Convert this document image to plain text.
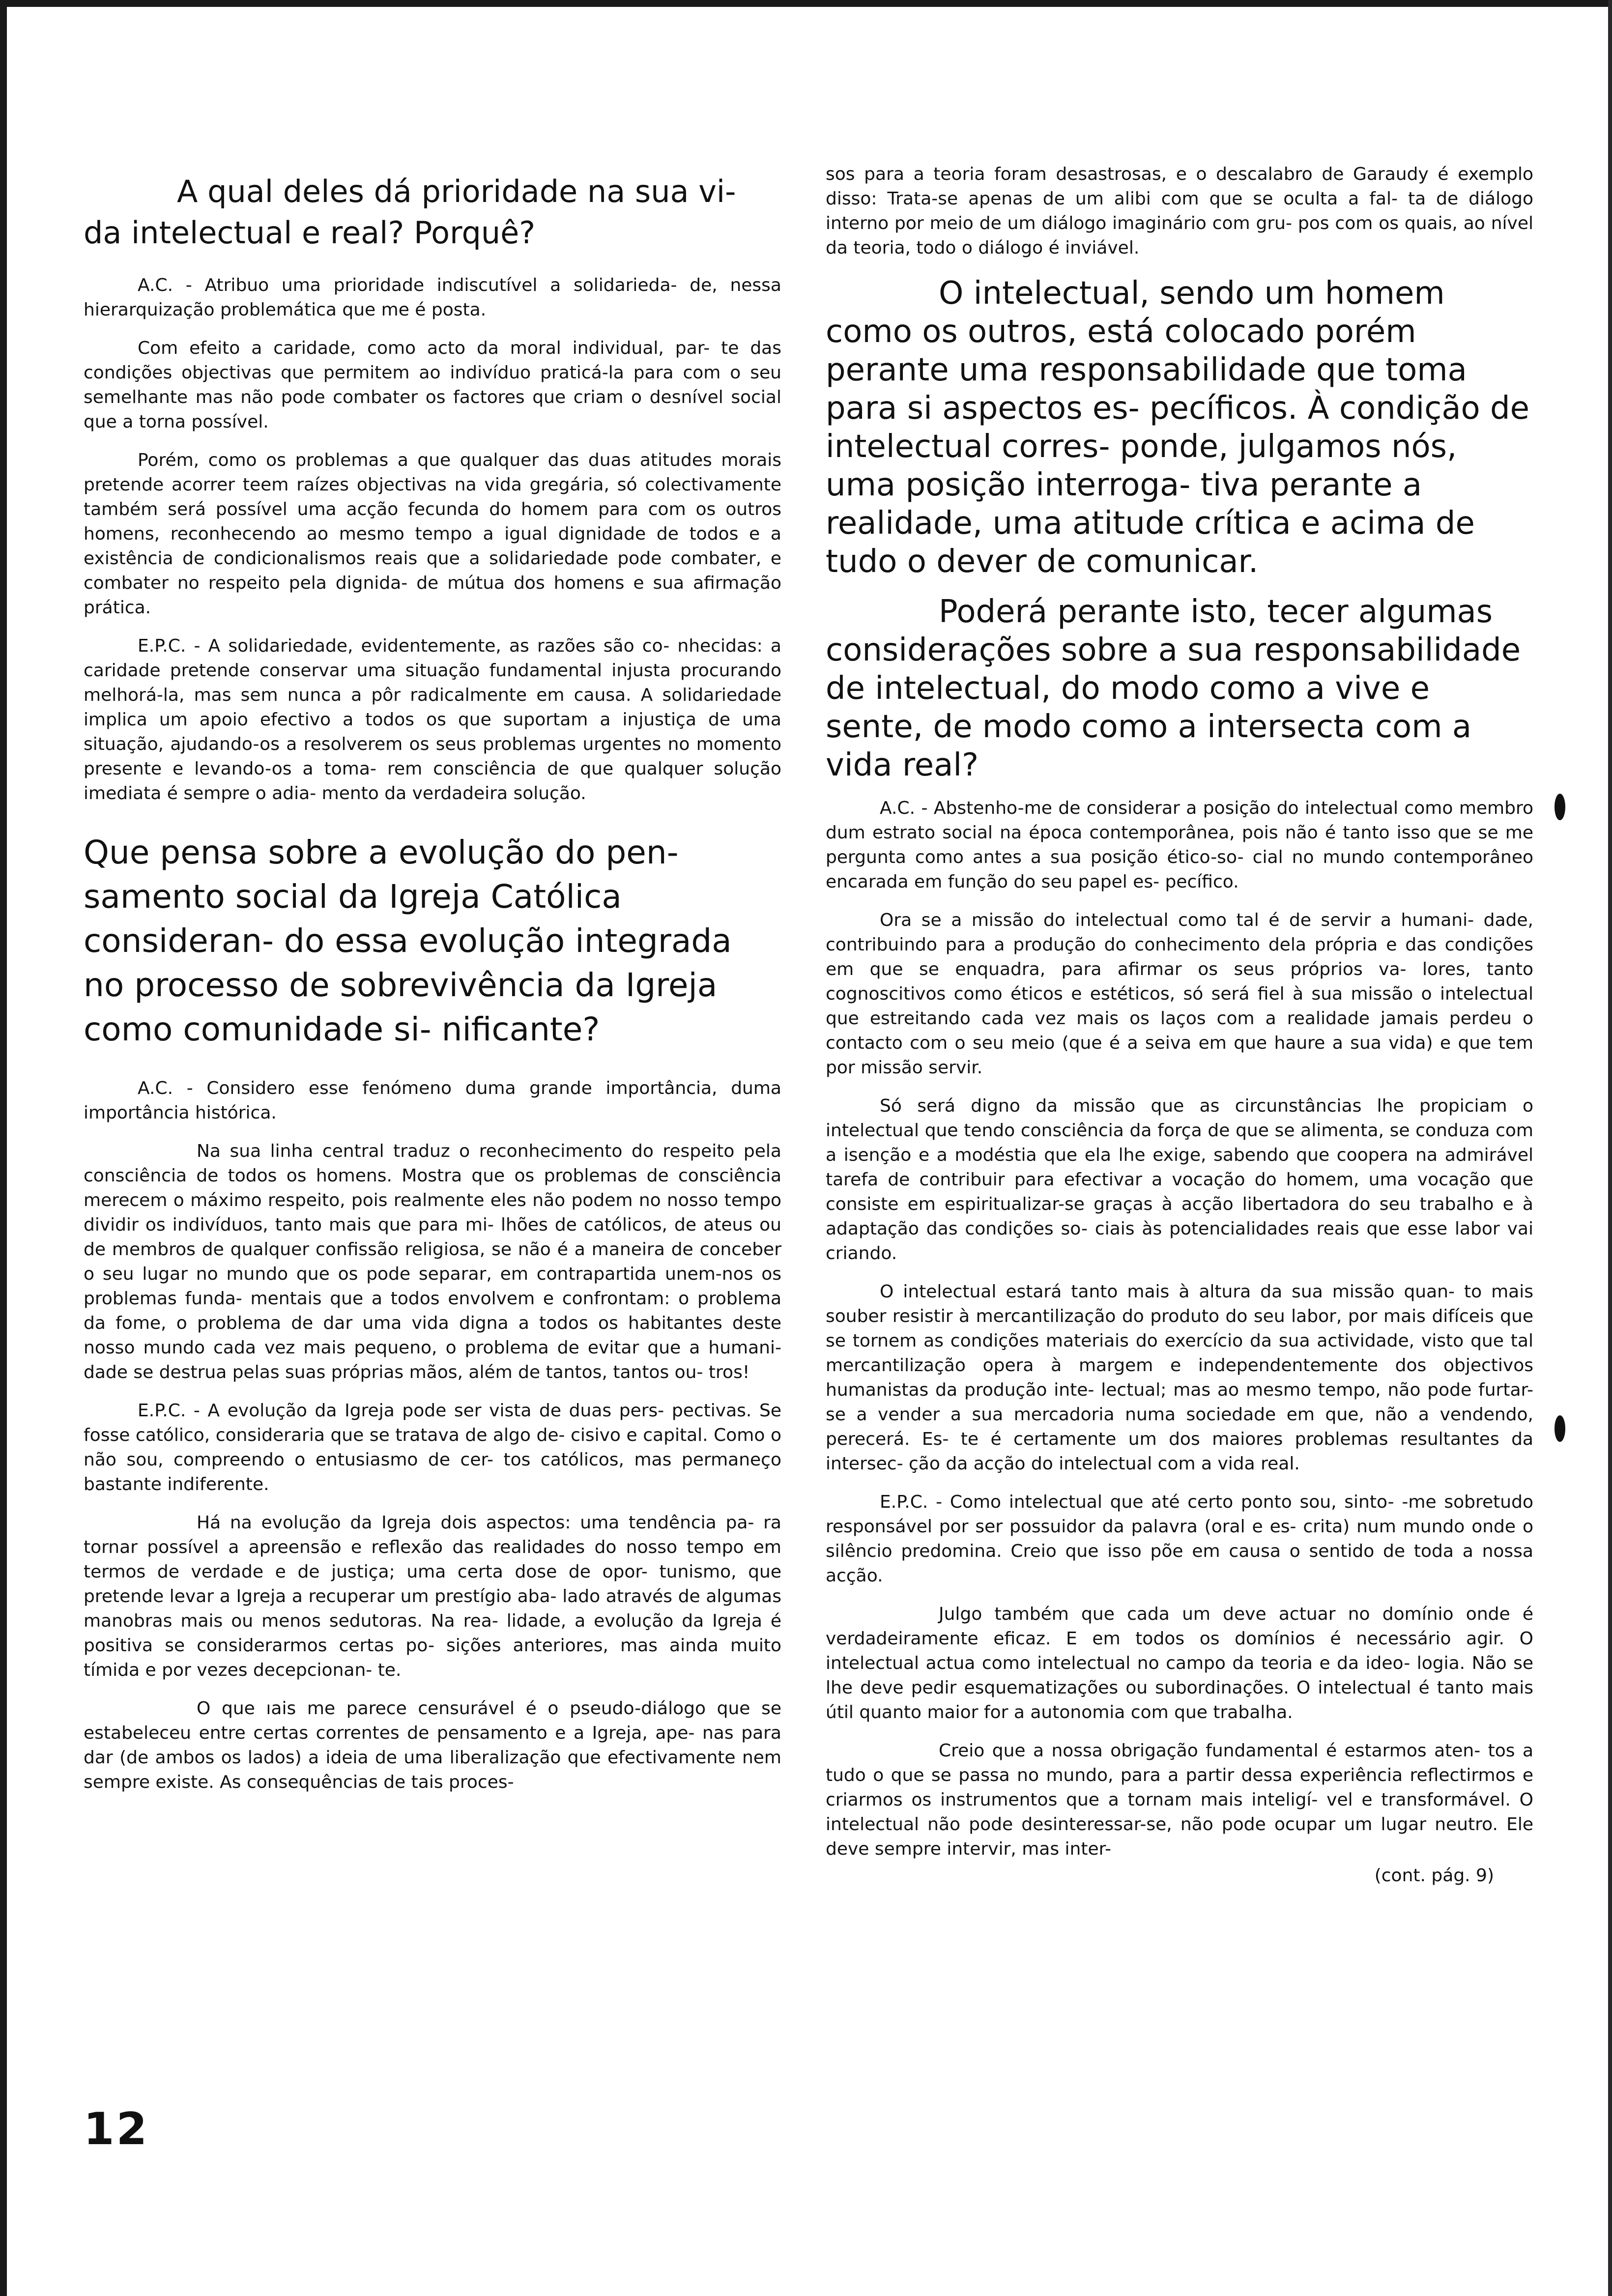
A qual deles dá prioridade na sua vi-
da intelectual e real? Porquê?

A.C. - Atribuo uma prioridade indiscutível a solidarieda- de, nessa hierarquização problemática que me é posta.

Com efeito a caridade, como acto da moral individual, par- te das condições objectivas que permitem ao indivíduo praticá-la para com o seu semelhante mas não pode combater os factores que criam o desnível social que a torna possível.

Porém, como os problemas a que qualquer das duas atitudes morais pretende acorrer teem raízes objectivas na vida gregária, só colectivamente também será possível uma acção fecunda do homem para com os outros homens, reconhecendo ao mesmo tempo a igual dignidade de todos e a existência de condicionalismos reais que a solidariedade pode combater, e combater no respeito pela dignida- de mútua dos homens e sua afirmação prática.

E.P.C. - A solidariedade, evidentemente, as razões são co- nhecidas: a caridade pretende conservar uma situação fundamental injusta procurando melhorá-la, mas sem nunca a pôr radicalmente em causa. A solidariedade implica um apoio efectivo a todos os que suportam a injustiça de uma situação, ajudando-os a resolverem os seus problemas urgentes no momento presente e levando-os a toma- rem consciência de que qualquer solução imediata é sempre o adia- mento da verdadeira solução.

Que pensa sobre a evolução do pen- samento social da Igreja Católica consideran- do essa evolução integrada no processo de sobrevivência da Igreja como comunidade si- nificante?

A.C. - Considero esse fenómeno duma grande importância, duma importância histórica.

Na sua linha central traduz o reconhecimento do respeito pela consciência de todos os homens. Mostra que os problemas de consciência merecem o máximo respeito, pois realmente eles não podem no nosso tempo dividir os indivíduos, tanto mais que para mi- lhões de católicos, de ateus ou de membros de qualquer confissão religiosa, se não é a maneira de conceber o seu lugar no mundo que os pode separar, em contrapartida unem-nos os problemas funda- mentais que a todos envolvem e confrontam: o problema da fome, o problema de dar uma vida digna a todos os habitantes deste nosso mundo cada vez mais pequeno, o problema de evitar que a humani- dade se destrua pelas suas próprias mãos, além de tantos, tantos ou- tros!

E.P.C. - A evolução da Igreja pode ser vista de duas pers- pectivas. Se fosse católico, consideraria que se tratava de algo de- cisivo e capital. Como o não sou, compreendo o entusiasmo de cer- tos católicos, mas permaneço bastante indiferente.

Há na evolução da Igreja dois aspectos: uma tendência pa- ra tornar possível a apreensão e reflexão das realidades do nosso tempo em termos de verdade e de justiça; uma certa dose de opor- tunismo, que pretende levar a Igreja a recuperar um prestígio aba- lado através de algumas manobras mais ou menos sedutoras. Na rea- lidade, a evolução da Igreja é positiva se considerarmos certas po- sições anteriores, mas ainda muito tímida e por vezes decepcionan- te.

O que ıais me parece censurável é o pseudo-diálogo que se estabeleceu entre certas correntes de pensamento e a Igreja, ape- nas para dar (de ambos os lados) a ideia de uma liberalização que efectivamente nem sempre existe. As consequências de tais proces-

sos para a teoria foram desastrosas, e o descalabro de Garaudy é exemplo disso: Trata-se apenas de um alibi com que se oculta a fal- ta de diálogo interno por meio de um diálogo imaginário com gru- pos com os quais, ao nível da teoria, todo o diálogo é inviável.

O intelectual, sendo um homem como os outros, está colocado porém perante uma responsabilidade que toma para si aspectos es- pecíficos. À condição de intelectual corres- ponde, julgamos nós, uma posição interroga- tiva perante a realidade, uma atitude crítica e acima de tudo o dever de comunicar.
Poderá perante isto, tecer algumas considerações sobre a sua responsabilidade de intelectual, do modo como a vive e sente, de modo como a intersecta com a vida real?

A.C. - Abstenho-me de considerar a posição do intelectual como membro dum estrato social na época contemporânea, pois não é tanto isso que se me pergunta como antes a sua posição ético-so- cial no mundo contemporâneo encarada em função do seu papel es- pecífico.

Ora se a missão do intelectual como tal é de servir a humani- dade, contribuindo para a produção do conhecimento dela própria e das condições em que se enquadra, para afirmar os seus próprios va- lores, tanto cognoscitivos como éticos e estéticos, só será fiel à sua missão o intelectual que estreitando cada vez mais os laços com a realidade jamais perdeu o contacto com o seu meio (que é a seiva em que haure a sua vida) e que tem por missão servir.

Só será digno da missão que as circunstâncias lhe propiciam o intelectual que tendo consciência da força de que se alimenta, se conduza com a isenção e a modéstia que ela lhe exige, sabendo que coopera na admirável tarefa de contribuir para efectivar a vocação do homem, uma vocação que consiste em espiritualizar-se graças à acção libertadora do seu trabalho e à adaptação das condições so- ciais às potencialidades reais que esse labor vai criando.

O intelectual estará tanto mais à altura da sua missão quan- to mais souber resistir à mercantilização do produto do seu labor, por mais difíceis que se tornem as condições materiais do exercício da sua actividade, visto que tal mercantilização opera à margem e independentemente dos objectivos humanistas da produção inte- lectual; mas ao mesmo tempo, não pode furtar-se a vender a sua mercadoria numa sociedade em que, não a vendendo, perecerá. Es- te é certamente um dos maiores problemas resultantes da intersec- ção da acção do intelectual com a vida real.

E.P.C. - Como intelectual que até certo ponto sou, sinto- -me sobretudo responsável por ser possuidor da palavra (oral e es- crita) num mundo onde o silêncio predomina. Creio que isso põe em causa o sentido de toda a nossa acção.

Julgo também que cada um deve actuar no domínio onde é verdadeiramente eficaz. E em todos os domínios é necessário agir. O intelectual actua como intelectual no campo da teoria e da ideo- logia. Não se lhe deve pedir esquematizações ou subordinações. O intelectual é tanto mais útil quanto maior for a autonomia com que trabalha.

Creio que a nossa obrigação fundamental é estarmos aten- tos a tudo o que se passa no mundo, para a partir dessa experiência reflectirmos e criarmos os instrumentos que a tornam mais inteligí- vel e transformável. O intelectual não pode desinteressar-se, não pode ocupar um lugar neutro. Ele deve sempre intervir, mas inter-

(cont. pág. 9)
12
